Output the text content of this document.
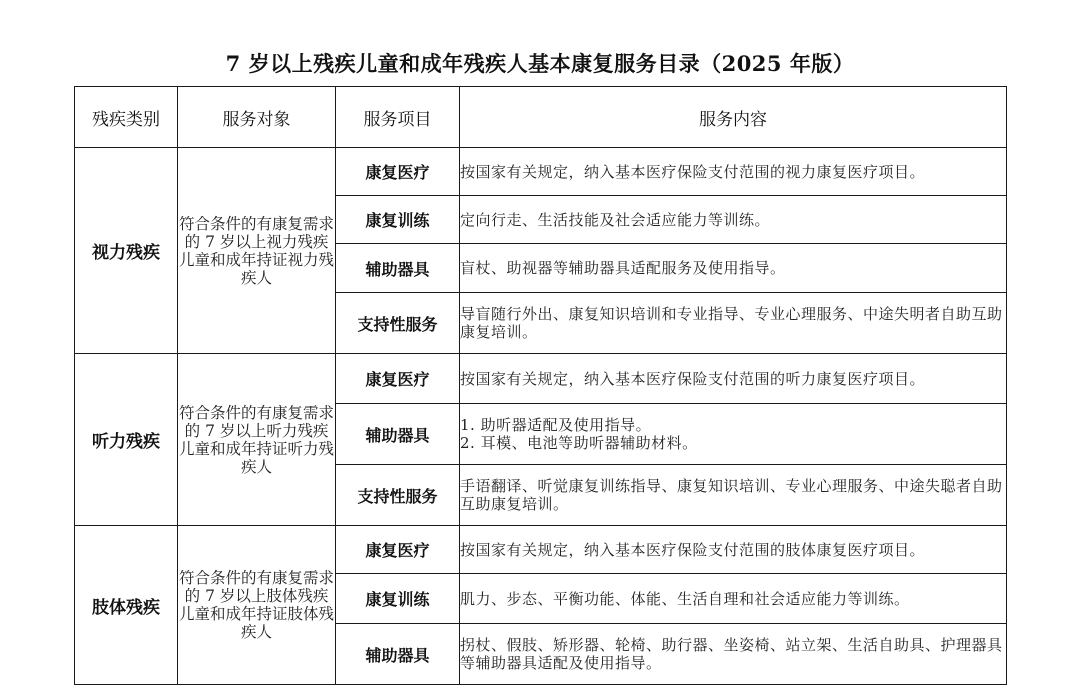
7 岁以上残疾儿童和成年残疾人基本康复服务目录（2025 年版）
残疾类别	服务对象	服务项目	服务内容
视力残疾	符合条件的有康复需求的 7 岁以上视力残疾儿童和成年持证视力残疾人	康复医疗	按国家有关规定，纳入基本医疗保险支付范围的视力康复医疗项目。
		康复训练	定向行走、生活技能及社会适应能力等训练。
		辅助器具	盲杖、助视器等辅助器具适配服务及使用指导。
		支持性服务	导盲随行外出、康复知识培训和专业指导、专业心理服务、中途失明者自助互助康复培训。
听力残疾	符合条件的有康复需求的 7 岁以上听力残疾儿童和成年持证听力残疾人	康复医疗	按国家有关规定，纳入基本医疗保险支付范围的听力康复医疗项目。
		辅助器具	1. 助听器适配及使用指导。
2. 耳模、电池等助听器辅助材料。
		支持性服务	手语翻译、听觉康复训练指导、康复知识培训、专业心理服务、中途失聪者自助互助康复培训。
肢体残疾	符合条件的有康复需求的 7 岁以上肢体残疾儿童和成年持证肢体残疾人	康复医疗	按国家有关规定，纳入基本医疗保险支付范围的肢体康复医疗项目。
		康复训练	肌力、步态、平衡功能、体能、生活自理和社会适应能力等训练。
		辅助器具	拐杖、假肢、矫形器、轮椅、助行器、坐姿椅、站立架、生活自助具、护理器具等辅助器具适配及使用指导。
